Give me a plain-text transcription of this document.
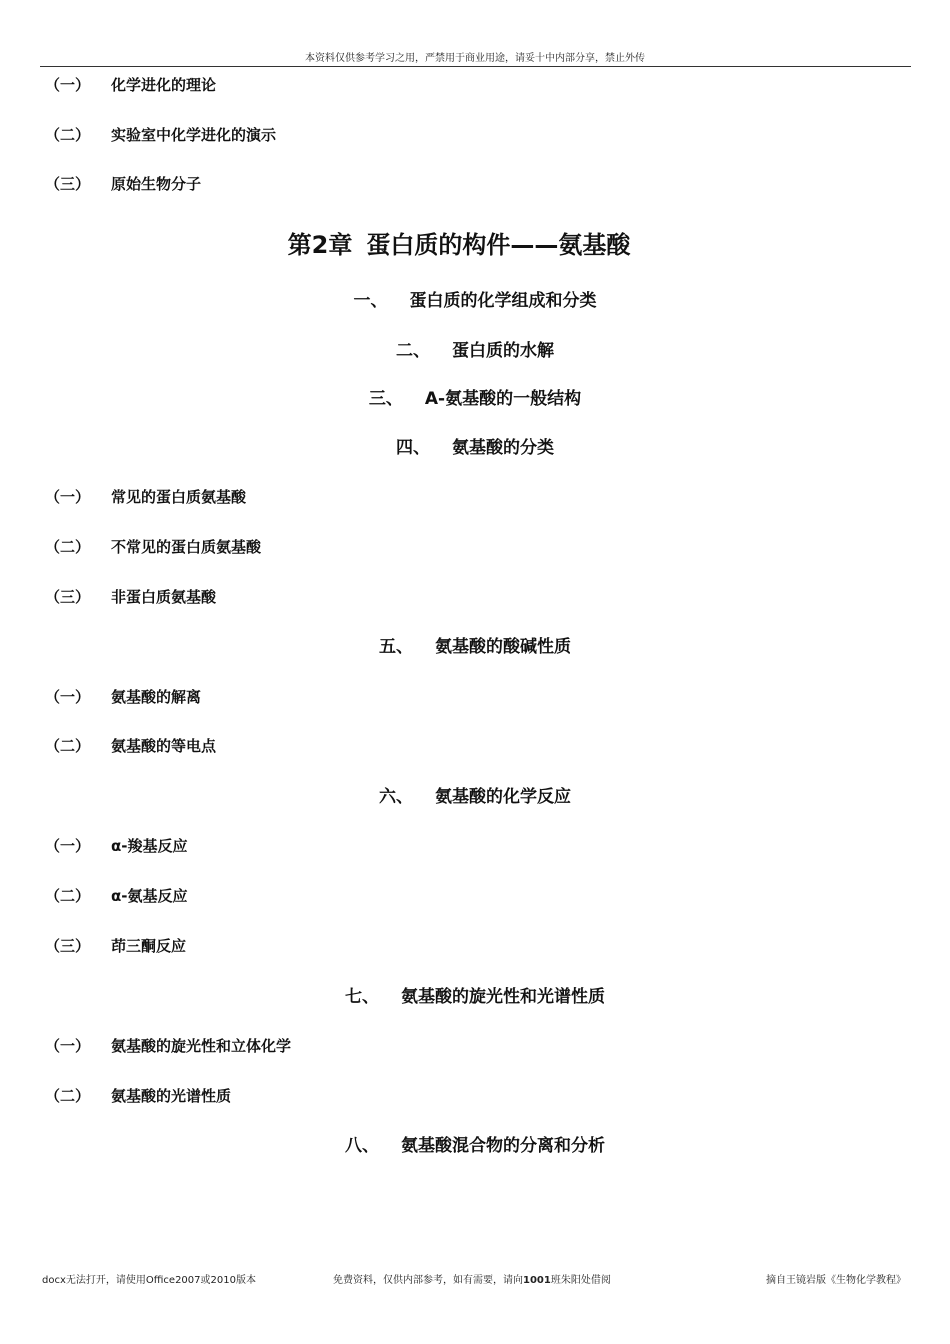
本资料仅供参考学习之用，严禁用于商业用途，请妥十中内部分享，禁止外传
（一） 化学进化的理论
（二） 实验室中化学进化的演示
（三） 原始生物分子
第2章 蛋白质的构件——氨基酸
一、 蛋白质的化学组成和分类
二、 蛋白质的水解
三、 A-氨基酸的一般结构
四、 氨基酸的分类
（一） 常见的蛋白质氨基酸
（二） 不常见的蛋白质氨基酸
（三） 非蛋白质氨基酸
五、 氨基酸的酸碱性质
（一） 氨基酸的解离
（二） 氨基酸的等电点
六、 氨基酸的化学反应
（一） α-羧基反应
（二） α-氨基反应
（三） 茚三酮反应
七、 氨基酸的旋光性和光谱性质
（一） 氨基酸的旋光性和立体化学
（二） 氨基酸的光谱性质
八、 氨基酸混合物的分离和分析
docx无法打开，请使用Office2007或2010版本	免费资料，仅供内部参考，如有需要，请向1001班朱阳处借阅	摘自王镜岩版《生物化学教程》
